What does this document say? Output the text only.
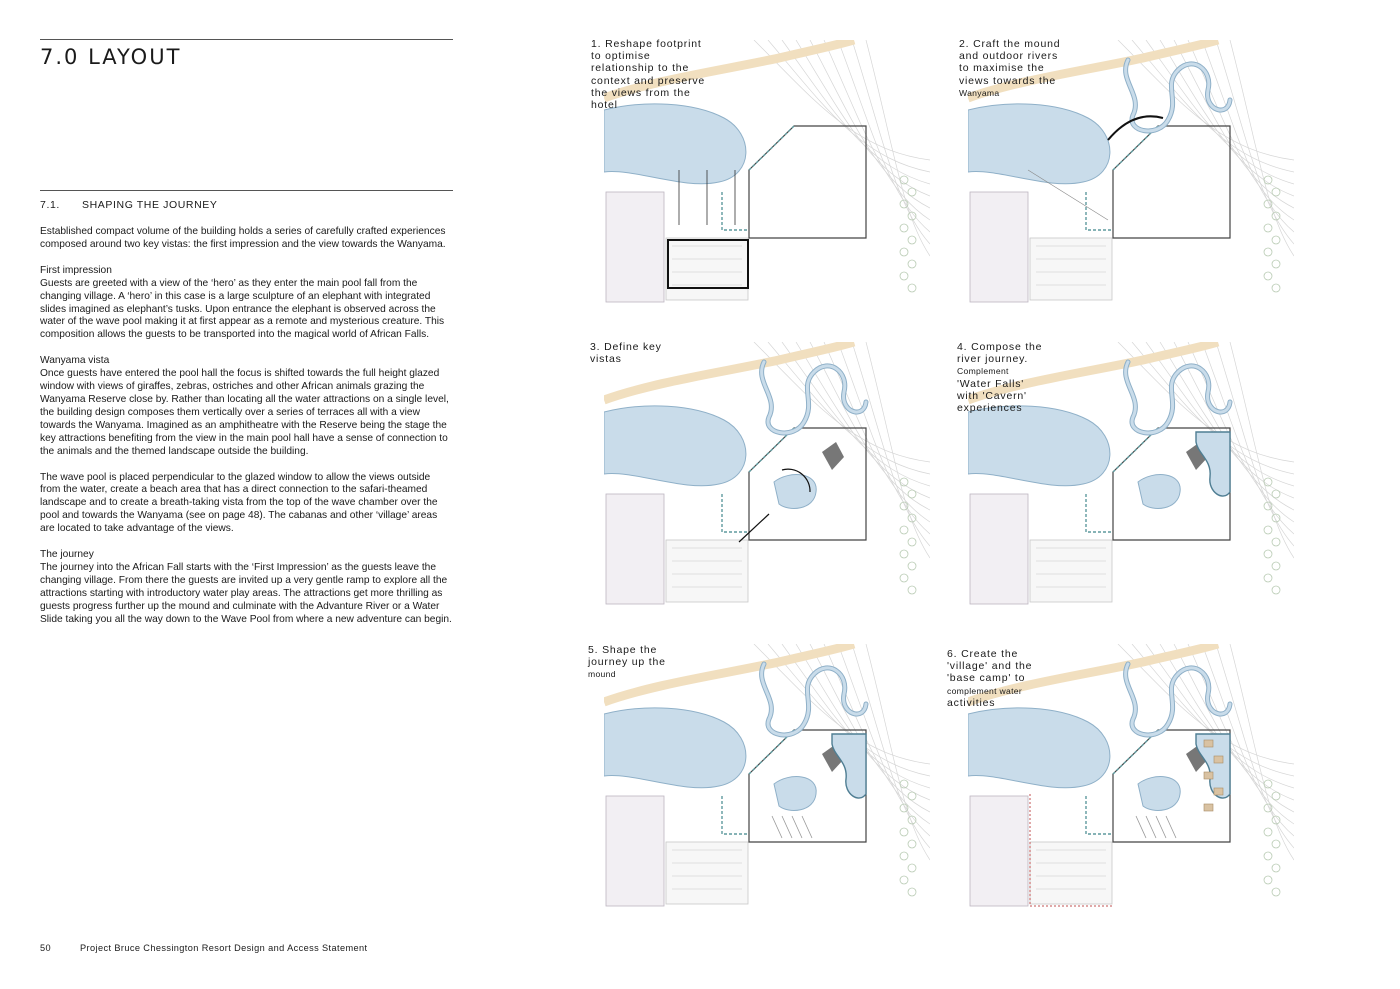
7.0 LAYOUT
7.1. SHAPING THE JOURNEY

Established compact volume of the building holds a series of carefully crafted experiences composed around two key vistas: the first impression and the view towards the Wanyama.

First impression

Guests are greeted with a view of the ‘hero’ as they enter the main pool fall from the changing village. A ‘hero’ in this case is a large sculpture of an elephant with integrated slides imagined as elephant’s tusks. Upon entrance the elephant is observed across the water of the wave pool making it at first appear as a remote and mysterious creature. This composition allows the guests to be transported into the magical world of African Falls.

Wanyama vista

Once guests have entered the pool hall the focus is shifted towards the full height glazed window with views of giraffes, zebras, ostriches and other African animals grazing the Wanyama Reserve close by. Rather than locating all the water attractions on a single level, the building design composes them vertically over a series of terraces all with a view towards the Wanyama. Imagined as an amphitheatre with the Reserve being the stage the key attractions benefiting from the view in the main pool hall have a sense of connection to the animals and the themed landscape outside the building.

The wave pool is placed perpendicular to the glazed window to allow the views outside from the water, create a beach area that has a direct connection to the safari-theamed landscape and to create a breath-taking vista from the top of the wave chamber over the pool and towards the Wanyama (see on page 48). The cabanas and other ‘village’ areas are located to take advantage of the views.

The journey

The journey into the African Fall starts with the ‘First Impression’ as the guests leave the changing village. From there the guests are invited up a very gentle ramp to explore all the attractions starting with introductory water play areas. The attractions get more thrilling as guests progress further up the mound and culminate with the Advanture River or a Water Slide taking you all the way down to the Wave Pool from where a new adventure can begin.

50	Project Bruce Chessington Resort Design and Access Statement
1. Reshape footprint
to optimise
relationship to the
context and preserve
the views from the
hotel
2. Craft the mound
and outdoor rivers
to maximise the
views towards the
Wanyama
3. Define key
vistas
4. Compose the
river journey.
Complement
'Water Falls'
with 'Cavern'
experiences
5. Shape the
journey up the
mound
6. Create the
'village' and the
'base camp' to
complement water
activities
